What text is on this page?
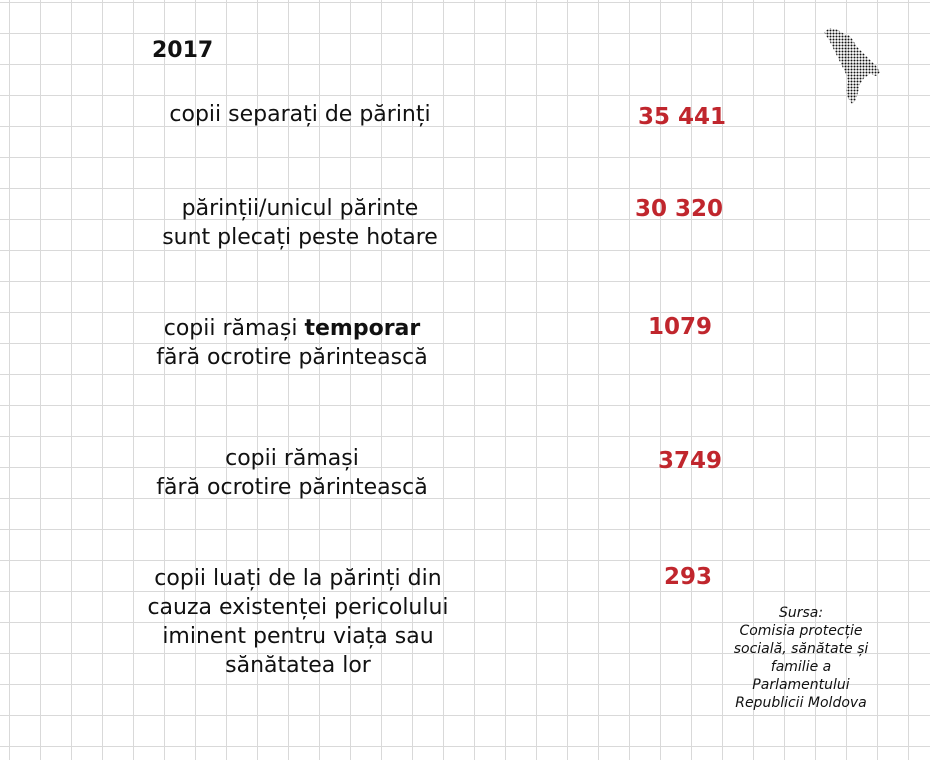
2017
copii separați de părinți	35 441
părinții/unicul părinte
sunt plecați peste hotare
30 320
copii rămași temporar
fără ocrotire părintească
1079
copii rămași
fără ocrotire părintească
3749
copii luați de la părinți din
cauza existenței pericolului
iminent pentru viața sau
sănătatea lor
293
Sursa:
Comisia protecție
socială, sănătate și
familie a
Parlamentului
Republicii Moldova
